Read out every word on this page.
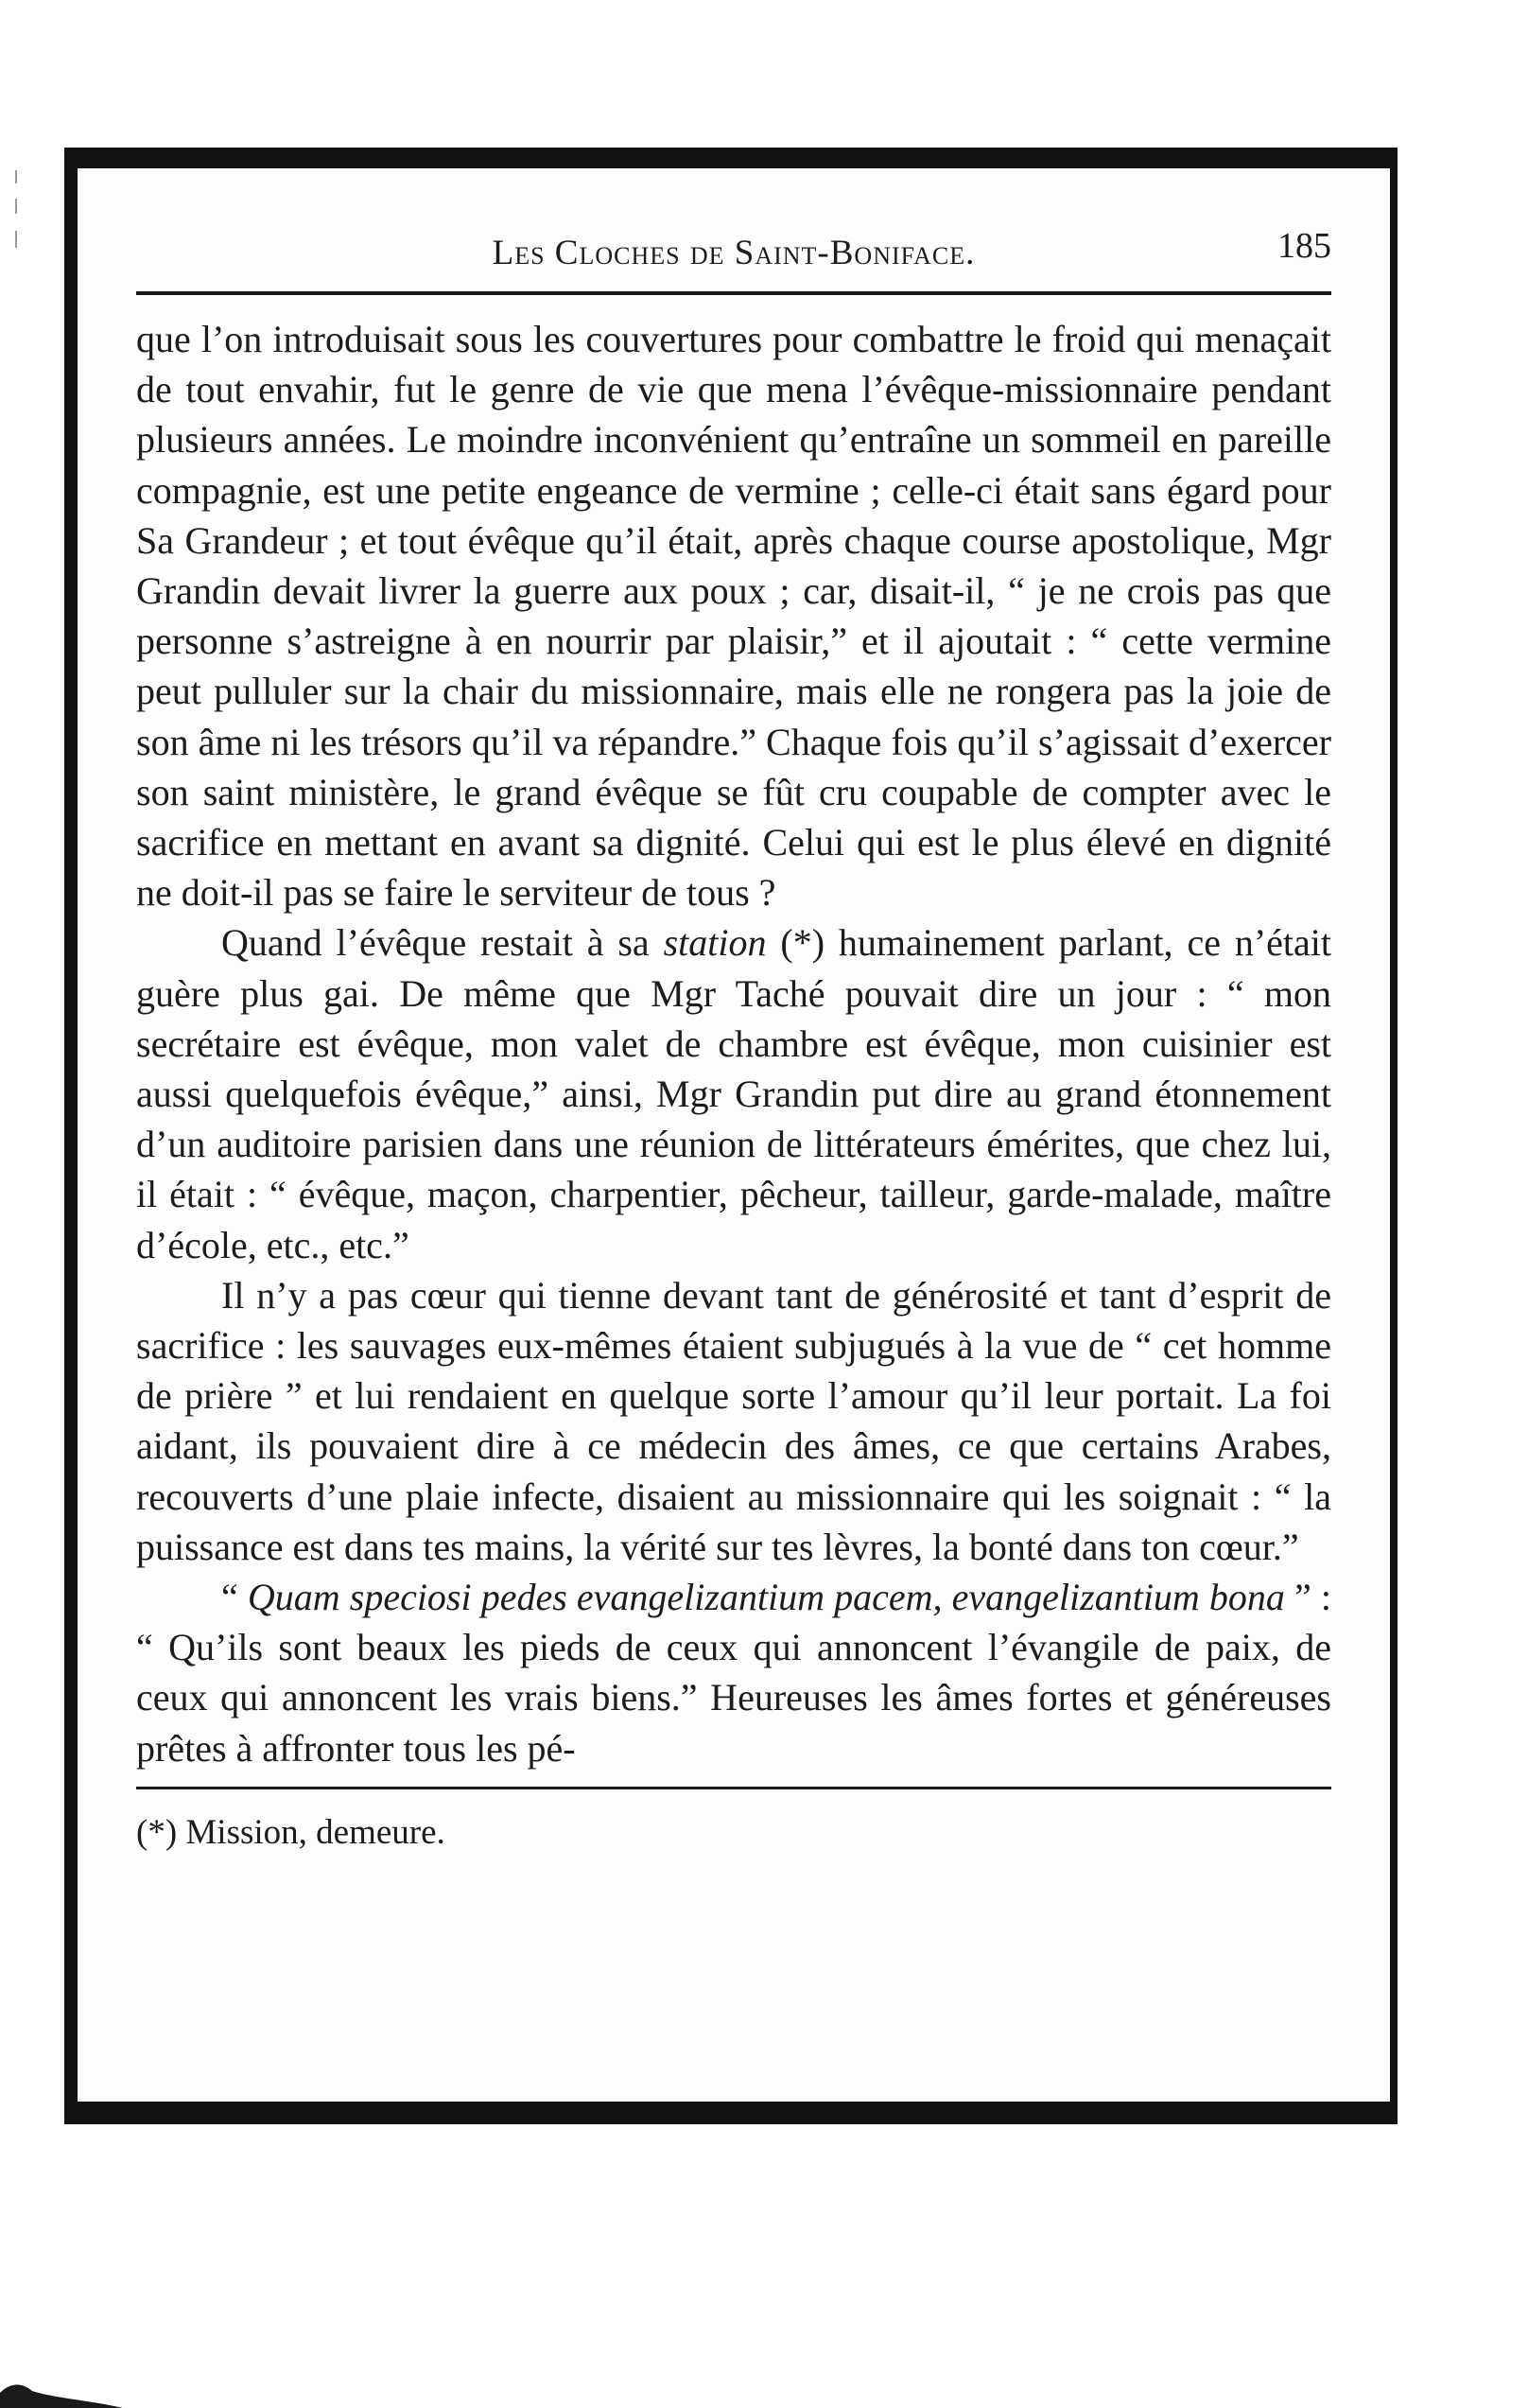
Les Cloches de Saint-Boniface.	185

que l’on introduisait sous les couvertures pour combattre le froid qui menaçait de tout envahir, fut le genre de vie que mena l’évêque-missionnaire pendant plusieurs années. Le moindre inconvénient qu’entraîne un sommeil en pareille compagnie, est une petite engeance de vermine ; celle-ci était sans égard pour Sa Grandeur ; et tout évêque qu’il était, après chaque course apostolique, Mgr Grandin devait livrer la guerre aux poux ; car, disait-il, “ je ne crois pas que personne s’astreigne à en nourrir par plaisir,” et il ajoutait : “ cette vermine peut pulluler sur la chair du missionnaire, mais elle ne rongera pas la joie de son âme ni les trésors qu’il va répandre.” Chaque fois qu’il s’agissait d’exercer son saint ministère, le grand évêque se fût cru coupable de compter avec le sacrifice en mettant en avant sa dignité. Celui qui est le plus élevé en dignité ne doit-il pas se faire le serviteur de tous ?

Quand l’évêque restait à sa station (*) humainement parlant, ce n’était guère plus gai. De même que Mgr Taché pouvait dire un jour : “ mon secrétaire est évêque, mon valet de chambre est évêque, mon cuisinier est aussi quelquefois évêque,” ainsi, Mgr Grandin put dire au grand étonnement d’un auditoire parisien dans une réunion de littérateurs émérites, que chez lui, il était : “ évêque, maçon, charpentier, pêcheur, tailleur, garde-malade, maître d’école, etc., etc.”

Il n’y a pas cœur qui tienne devant tant de générosité et tant d’esprit de sacrifice : les sauvages eux-mêmes étaient subjugués à la vue de “ cet homme de prière ” et lui rendaient en quelque sorte l’amour qu’il leur portait. La foi aidant, ils pouvaient dire à ce médecin des âmes, ce que certains Arabes, recouverts d’une plaie infecte, disaient au missionnaire qui les soignait : “ la puissance est dans tes mains, la vérité sur tes lèvres, la bonté dans ton cœur.”

“ Quam speciosi pedes evangelizantium pacem, evangelizantium bona ” : “ Qu’ils sont beaux les pieds de ceux qui annoncent l’évangile de paix, de ceux qui annoncent les vrais biens.” Heureuses les âmes fortes et généreuses prêtes à affronter tous les pé-

(*) Mission, demeure.
